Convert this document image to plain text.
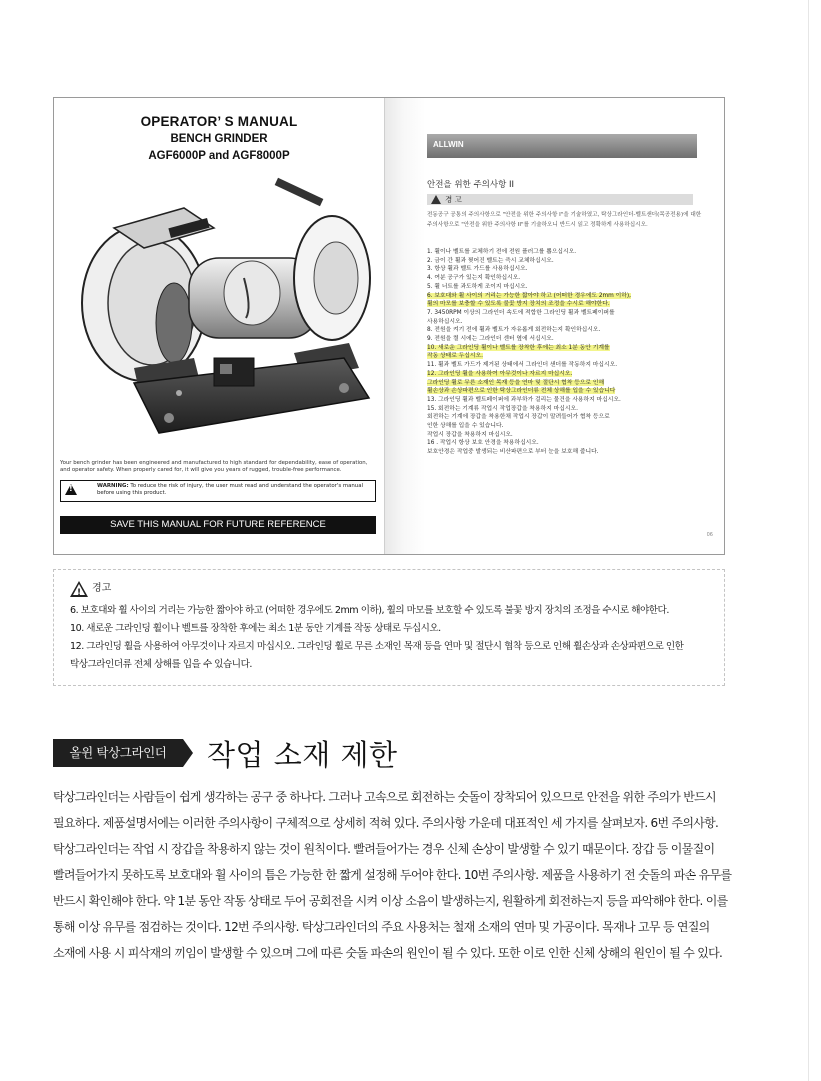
OPERATOR’ S MANUAL
BENCH GRINDER
AGF6000P and AGF8000P
Your bench grinder has been engineered and manufactured to high standard for dependability, ease of operation, and operator safety. When properly cared for, it will give you years of rugged, trouble-free performance.
!
WARNING: To reduce the risk of injury, the user must read and understand the operator's manual before using this product.
SAVE THIS MANUAL FOR FUTURE REFERENCE
ALLWIN
안전을 위한 주의사항 II
경 고
전동공구 공통의 주의사항으로 "안전을 위한 주의사항 I"을 기술하였고, 탁상그라인더-벨트샌더(목공전용)에 대한 주의사항으로 "안전을 위한 주의사항 II"를 기술하오니 반드시 읽고 정확하게 사용하십시오.
1. 휠이나 벨트를 교체하기 전에 전원 플러그를 뽑으십시오.
2. 금이 간 휠과 찢어진 벨트는 즉시 교체하십시오.
3. 항상 휠과 벨트 가드를 사용하십시오.
4. 여분 공구가 있는지 확인하십시오.
5. 휠 너트를 과도하게 조이지 마십시오.
6. 보호대와 휠 사이의 거리는 가능한 짧아야 하고 (어떠한 경우에도 2mm 이하),
휠의 마모를 보충할 수 있도록 불꽃 방지 장치의 조정을 수시로 해야한다.
7. 3450RPM 이상의 그라인더 속도에 적합한 그라인딩 휠과 벨트페이퍼를
사용하십시오.
8. 전원을 켜기 전에 휠과 벨트가 자유롭게 회전하는지 확인하십시오.
9. 전원을 켤 시에는 그라인더 센터 옆에 서십시오.
10. 새로운 그라인딩 휠이나 벨트를 장착한 후에는 최소 1분 동안 기계를
작동 상태로 두십시오.
11. 휠과 벨트 가드가 제거된 상태에서 그라인더 샌더를 작동하지 마십시오.
12. 그라인딩 휠을 사용하여 아무것이나 자르지 마십시오.
그라인딩 휠로 무른 소재인 목재 등을 연마 및 절단시 협착 등으로 인해
휠손상과 손상파편으로 인한 탁상그라인더류 전체 상해를 입을 수 있습니다
13. 그라인딩 휠과 벨트페이퍼에 과부하가 걸리는 물건을 사용하지 마십시오.
15. 회전하는 기계류 작업시 작업장갑을 착용하지 마십시오.
회전하는 기계에 장갑을 착용한채 작업시 장갑이 말려들어가 협착 등으로
인한 상해를 입을 수 있습니다.
작업시 장갑을 착용하지 마십시오.
16 . 작업시 항상 보호 안경을 착용하십시오.
보호안경은 작업중 발생되는 비산파편으로 부터 눈을 보호해 줍니다.
06
!
경고
6. 보호대와 휠 사이의 거리는 가능한 짧아야 하고 (어떠한 경우에도 2mm 이하), 휠의 마모를 보호할 수 있도록 불꽃 방지 장치의 조정을 수시로 해야한다.
10. 새로운 그라인딩 휠이나 벨트를 장착한 후에는 최소 1분 동안 기계를 작동 상태로 두십시오.
12. 그라인딩 휠을 사용하여 아무것이나 자르지 마십시오. 그라인딩 휠로 무른 소재인 목재 등을 연마 및 절단시 협착 등으로 인해 휠손상과 손상파편으로 인한
탁상그라인더류 전체 상해를 입을 수 있습니다.
올윈 탁상그라인더	작업 소재 제한
탁상그라인더는 사람들이 쉽게 생각하는 공구 중 하나다. 그러나 고속으로 회전하는 숫돌이 장착되어 있으므로 안전을 위한 주의가 반드시
필요하다. 제품설명서에는 이러한 주의사항이 구체적으로 상세히 적혀 있다. 주의사항 가운데 대표적인 세 가지를 살펴보자. 6번 주의사항.
탁상그라인더는 작업 시 장갑을 착용하지 않는 것이 원칙이다. 빨려들어가는 경우 신체 손상이 발생할 수 있기 때문이다. 장갑 등 이물질이
빨려들어가지 못하도록 보호대와 휠 사이의 틈은 가능한 한 짧게 설정해 두어야 한다. 10번 주의사항. 제품을 사용하기 전 숫돌의 파손 유무를
반드시 확인해야 한다. 약 1분 동안 작동 상태로 두어 공회전을 시켜 이상 소음이 발생하는지, 원활하게 회전하는지 등을 파악해야 한다. 이를
통해 이상 유무를 점검하는 것이다. 12번 주의사항. 탁상그라인더의 주요 사용처는 철재 소재의 연마 및 가공이다. 목재나 고무 등 연질의
소재에 사용 시 피삭재의 끼임이 발생할 수 있으며 그에 따른 숫돌 파손의 원인이 될 수 있다. 또한 이로 인한 신체 상해의 원인이 될 수 있다.
